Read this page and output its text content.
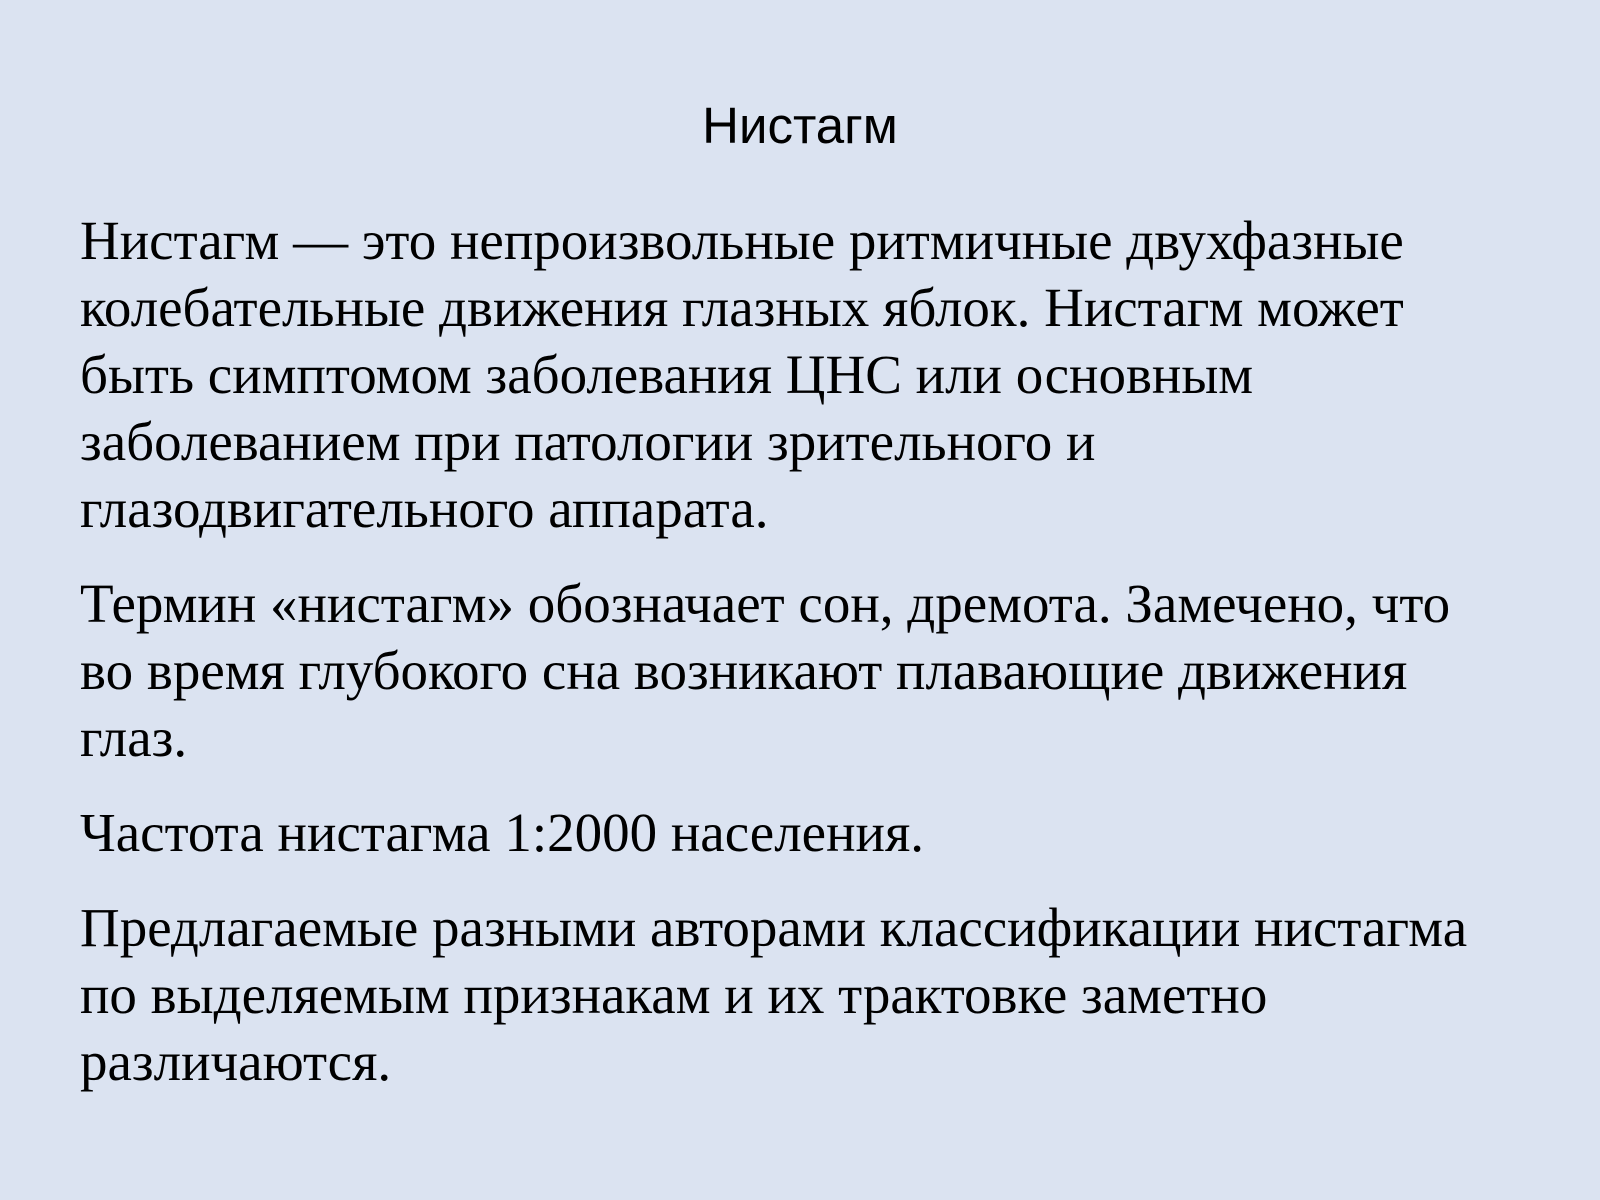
Нистагм
Нистагм — это непроизвольные ритмичные двухфазные
колебательные движения глазных яблок. Нистагм может
быть симптомом заболевания ЦНС или основным
заболеванием при патологии зрительного и
глазодвигательного аппарата.
Термин «нистагм» обозначает сон, дремота. Замечено, что
во время глубокого сна возникают плавающие движения
глаз.
Частота нистагма 1:2000 населения.
Предлагаемые разными авторами классификации нистагма
по выделяемым признакам и их трактовке заметно
различаются.
